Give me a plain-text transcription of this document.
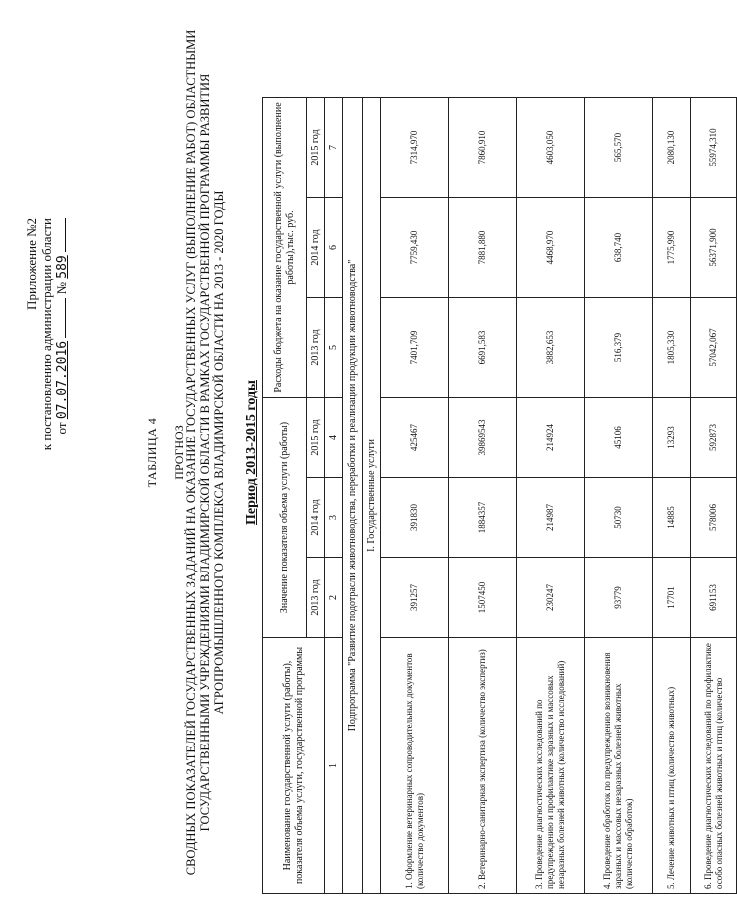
Приложение №2 к постановлению администрации области от 07.07.2016  № 589
ТАБЛИЦА 4 ПРОГНОЗ
СВОДНЫХ ПОКАЗАТЕЛЕЙ ГОСУДАРСТВЕННЫХ ЗАДАНИЙ НА ОКАЗАНИЕ ГОСУДАРСТВЕННЫХ УСЛУГ (ВЫПОЛНЕНИЕ РАБОТ) ОБЛАСТНЫМИ ГОСУДАРСТВЕННЫМИ УЧРЕЖДЕНИЯМИ ВЛАДИМИРСКОЙ ОБЛАСТИ В РАМКАХ ГОСУДАРСТВЕННОЙ ПРОГРАММЫ РАЗВИТИЯ АГРОПРОМЫШЛЕННОГО КОМПЛЕКСА ВЛАДИМИРСКОЙ ОБЛАСТИ НА 2013 - 2020 ГОДЫ Период 2013-2015 годы
Наименование государственной услуги (работы), показателя объема услуги, государственной программы	Значение показателя объема услуги (работы)			Расходы бюджета на оказание государственной услуги (выполнение работы),тыс. руб.		
	2013 год	2014 год	2015 год	2013 год	2014 год	2015 год
1	2	3	4	5	6	7
Подпрограмма "Развитие подотрасли животноводства, переработки и реализации продукции животноводства"						
I. Государственные услуги						
1. Оформление ветеринарных сопроводительных документов (количество документов)	391257	391830	425467	7401,709	7759,430	7314,970
2. Ветеринарно-санитарная экспертиза (количество экспертиз)	1507450	1884357	39869543	6691,583	7881,880	7860,910
3. Проведение диагностических исследований по предупреждению и профилактике заразных и массовых незаразных болезней животных (количество исследований)	230247	214987	214924	3882,653	4468,970	4603,050
4. Проведение обработок по предупреждению возникновения заразных и массовых незаразных болезней животных (количество обработок)	93779	50730	45106	516,379	638,740	565,570
5. Лечение животных и птиц (количество животных)	17701	14885	13293	1805,330	1775,990	2080,130
6. Проведение диагностических исследований по профилактике особо опасных болезней животных и птиц (количество	691153	578006	592873	57042,067	56371,900	55974,310
